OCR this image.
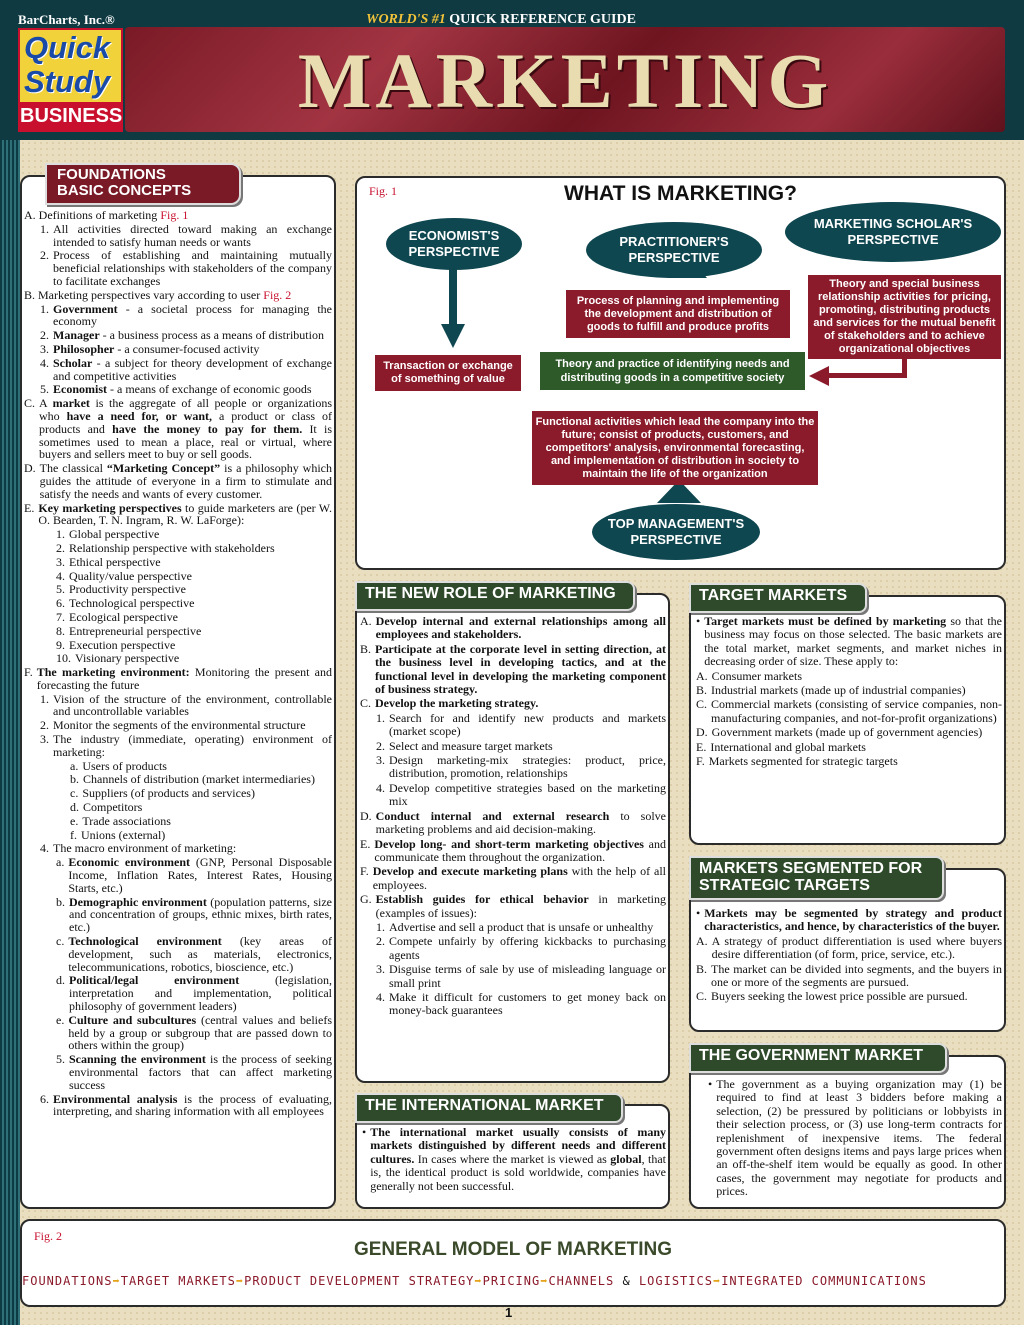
BarCharts, Inc.®	WORLD'S #1 QUICK REFERENCE GUIDE
Quick
Study
BUSINESS	MARKETING
FOUNDATIONS
BASIC CONCEPTS

A. Definitions of marketing Fig. 1

1. All activities directed toward making an exchange intended to satisfy human needs or wants
2. Process of establishing and maintaining mutually beneficial relationships with stakeholders of the company to facilitate exchanges

B. Marketing perspectives vary according to user Fig. 2

1. Government - a societal process for managing the economy
2. Manager - a business process as a means of distribution
3. Philosopher - a consumer-focused activity
4. Scholar - a subject for theory development of exchange and competitive activities
5. Economist - a means of exchange of economic goods
C. A market is the aggregate of all people or organizations who have a need for, or want, a product or class of products and have the money to pay for them. It is sometimes used to mean a place, real or virtual, where buyers and sellers meet to buy or sell goods.
D. The classical “Marketing Concept” is a philosophy which guides the attitude of everyone in a firm to stimulate and satisfy the needs and wants of every customer.
E. Key marketing perspectives to guide marketers are (per W. O. Bearden, T. N. Ingram, R. W. LaForge):
1. Global perspective
2. Relationship perspective with stakeholders
3. Ethical perspective
4. Quality/value perspective
5. Productivity perspective
6. Technological perspective
7. Ecological perspective
8. Entrepreneurial perspective
9. Execution perspective
10. Visionary perspective
F. The marketing environment: Monitoring the present and forecasting the future
1. Vision of the structure of the environment, controllable and uncontrollable variables
2. Monitor the segments of the environmental structure
3. The industry (immediate, operating) environment of marketing:
a. Users of products
b. Channels of distribution (market intermediaries)
c. Suppliers (of products and services)
d. Competitors
e. Trade associations
f. Unions (external)
4. The macro environment of marketing:
a. Economic environment (GNP, Personal Disposable Income, Inflation Rates, Interest Rates, Housing Starts, etc.)
b. Demographic environment (population patterns, size and concentration of groups, ethnic mixes, birth rates, etc.)
c. Technological environment (key areas of development, such as materials, electronics, telecommunications, robotics, bioscience, etc.)
d. Political/legal environment (legislation, interpretation and implementation, political philosophy of government leaders)
e. Culture and subcultures (central values and beliefs held by a group or subgroup that are passed down to others within the group)
5. Scanning the environment is the process of seeking environmental factors that can affect marketing success
6. Environmental analysis is the process of evaluating, interpreting, and sharing information with all employees
Fig. 1	WHAT IS MARKETING?
ECONOMIST'S PERSPECTIVE
PRACTITIONER'S PERSPECTIVE
MARKETING SCHOLAR'S PERSPECTIVE
Transaction or exchange of something of value
Process of planning and implementing the development and distribution of goods to fulfill and produce profits
Theory and special business relationship activities for pricing, promoting, distributing products and services for the mutual benefit of stakeholders and to achieve organizational objectives
Theory and practice of identifying needs and distributing goods in a competitive society
Functional activities which lead the company into the future; consist of products, customers, and competitors' analysis, environmental forecasting, and implementation of distribution in society to maintain the life of the organization
TOP MANAGEMENT'S PERSPECTIVE
THE NEW ROLE OF MARKETING
A. Develop internal and external relationships among all employees and stakeholders.
B. Participate at the corporate level in setting direction, at the business level in developing tactics, and at the functional level in developing the marketing component of business strategy.
C. Develop the marketing strategy.
1. Search for and identify new products and markets (market scope)
2. Select and measure target markets
3. Design marketing-mix strategies: product, price, distribution, promotion, relationships
4. Develop competitive strategies based on the marketing mix
D. Conduct internal and external research to solve marketing problems and aid decision-making.
E. Develop long- and short-term marketing objectives and communicate them throughout the organization.
F. Develop and execute marketing plans with the help of all employees.
G. Establish guides for ethical behavior in marketing (examples of issues):
1. Advertise and sell a product that is unsafe or unhealthy
2. Compete unfairly by offering kickbacks to purchasing agents
3. Disguise terms of sale by use of misleading language or small print
4. Make it difficult for customers to get money back on money-back guarantees
THE INTERNATIONAL MARKET
• The international market usually consists of many markets distinguished by different needs and different cultures. In cases where the market is viewed as global, that is, the identical product is sold worldwide, companies have generally not been successful.
TARGET MARKETS
• Target markets must be defined by marketing so that the business may focus on those selected. The basic markets are the total market, market segments, and market niches in decreasing order of size. These apply to:
A. Consumer markets
B. Industrial markets (made up of industrial companies)
C. Commercial markets (consisting of service companies, non-manufacturing companies, and not-for-profit organizations)
D. Government markets (made up of government agencies)
E. International and global markets
F. Markets segmented for strategic targets
MARKETS SEGMENTED FOR
STRATEGIC TARGETS
• Markets may be segmented by strategy and product characteristics, and hence, by characteristics of the buyer.
A. A strategy of product differentiation is used where buyers desire differentiation (of form, price, service, etc.).
B. The market can be divided into segments, and the buyers in one or more of the segments are pursued.
C. Buyers seeking the lowest price possible are pursued.
THE GOVERNMENT MARKET
• The government as a buying organization may (1) be required to find at least 3 bidders before making a selection, (2) be pressured by politicians or lobbyists in their selection process, or (3) use long-term contracts for replenishment of inexpensive items. The federal government often designs items and pays large prices when an off-the-shelf item would be equally as good. In other cases, the government may negotiate for products and prices.
Fig. 2
GENERAL MODEL OF MARKETING
FOUNDATIONS➡TARGET MARKETS➡PRODUCT DEVELOPMENT STRATEGY➡PRICING➡CHANNELS & LOGISTICS➡INTEGRATED COMMUNICATIONS
1
